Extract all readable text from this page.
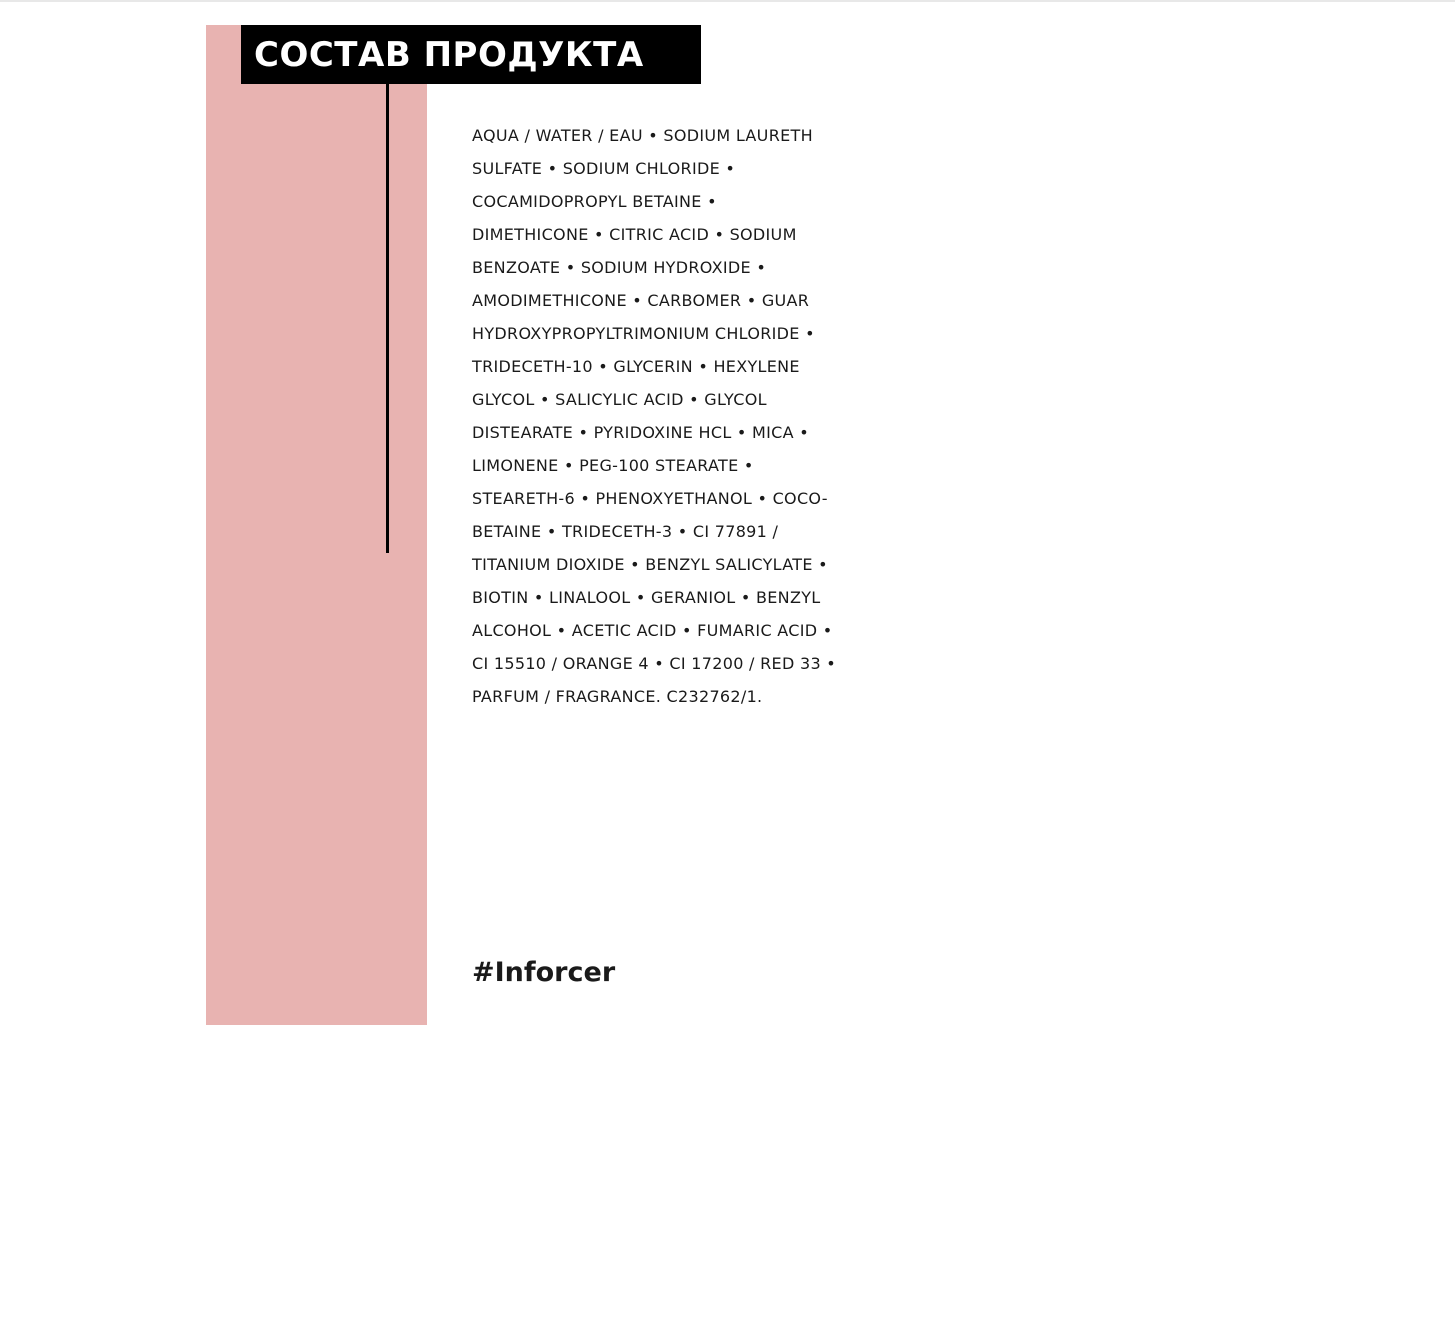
СОСТАВ ПРОДУКТА
AQUA / WATER / EAU • SODIUM LAURETH
SULFATE • SODIUM CHLORIDE •
COCAMIDOPROPYL BETAINE •
DIMETHICONE • CITRIC ACID • SODIUM
BENZOATE • SODIUM HYDROXIDE •
AMODIMETHICONE • CARBOMER • GUAR
HYDROXYPROPYLTRIMONIUM CHLORIDE •
TRIDECETH-10 • GLYCERIN • HEXYLENE
GLYCOL • SALICYLIC ACID • GLYCOL
DISTEARATE • PYRIDOXINE HCL • MICA •
LIMONENE • PEG-100 STEARATE •
STEARETH-6 • PHENOXYETHANOL • COCO-
BETAINE • TRIDECETH-3 • CI 77891 /
TITANIUM DIOXIDE • BENZYL SALICYLATE •
BIOTIN • LINALOOL • GERANIOL • BENZYL
ALCOHOL • ACETIC ACID • FUMARIC ACID •
CI 15510 / ORANGE 4 • CI 17200 / RED 33 •
PARFUM / FRAGRANCE. C232762/1.
#Inforcer
